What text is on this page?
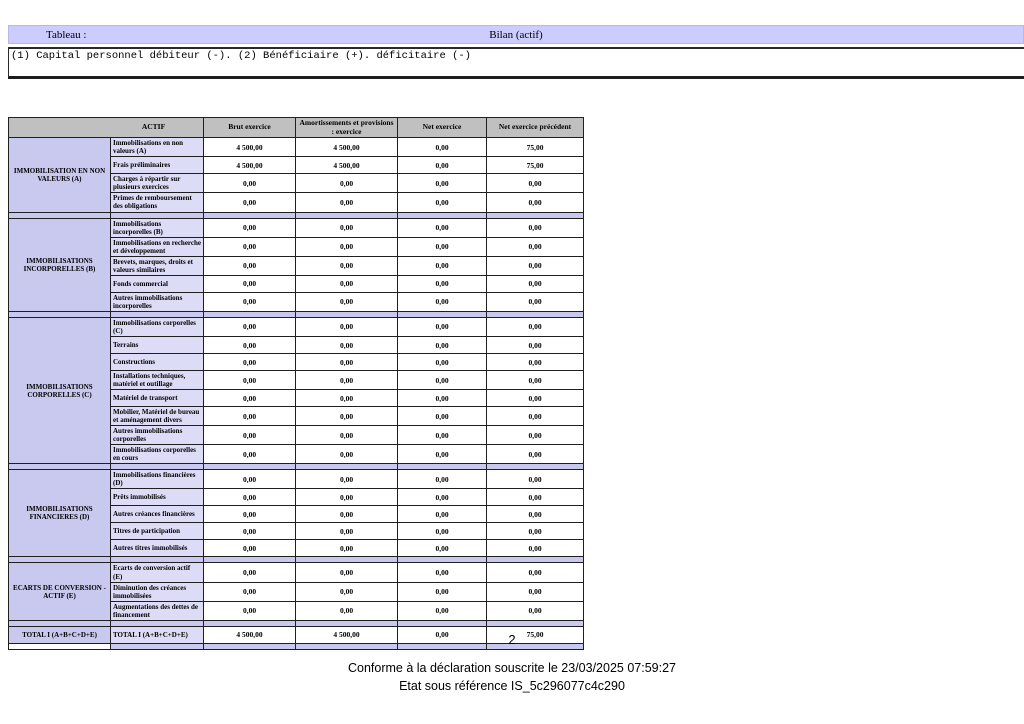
Tableau :	Bilan (actif)
(1) Capital personnel débiteur (-). (2) Bénéficiaire (+). déficitaire (-)
ACTIF		Brut exercice	Amortissements et provisions : exercice	Net exercice	Net exercice précédent
IMMOBILISATION EN NON VALEURS (A)	Immobilisations en non valeurs (A)	4 500,00	4 500,00	0,00	75,00
	Frais préliminaires	4 500,00	4 500,00	0,00	75,00
	Charges à répartir sur plusieurs exercices	0,00	0,00	0,00	0,00
	Primes de remboursement des obligations	0,00	0,00	0,00	0,00

IMMOBILISATIONS INCORPORELLES (B)	Immobilisations incorporelles (B)	0,00	0,00	0,00	0,00
	Immobilisations en recherche et développement	0,00	0,00	0,00	0,00
	Brevets, marques, droits et valeurs similaires	0,00	0,00	0,00	0,00
	Fonds commercial	0,00	0,00	0,00	0,00
	Autres immobilisations incorporelles	0,00	0,00	0,00	0,00

IMMOBILISATIONS CORPORELLES (C)	Immobilisations corporelles (C)	0,00	0,00	0,00	0,00
	Terrains	0,00	0,00	0,00	0,00
	Constructions	0,00	0,00	0,00	0,00
	Installations techniques, matériel et outillage	0,00	0,00	0,00	0,00
	Matériel de transport	0,00	0,00	0,00	0,00
	Mobilier, Matériel de bureau et aménagement divers	0,00	0,00	0,00	0,00
	Autres immobilisations corporelles	0,00	0,00	0,00	0,00
	Immobilisations corporelles en cours	0,00	0,00	0,00	0,00

IMMOBILISATIONS FINANCIERES (D)	Immobilisations financières (D)	0,00	0,00	0,00	0,00
	Prêts immobilisés	0,00	0,00	0,00	0,00
	Autres créances financières	0,00	0,00	0,00	0,00
	Titres de participation	0,00	0,00	0,00	0,00
	Autres titres immobilisés	0,00	0,00	0,00	0,00

ECARTS DE CONVERSION - ACTIF (E)	Ecarts de conversion actif (E)	0,00	0,00	0,00	0,00
	Diminution des créances immobilisées	0,00	0,00	0,00	0,00
	Augmentations des dettes de financement	0,00	0,00	0,00	0,00

TOTAL I (A+B+C+D+E)	TOTAL I (A+B+C+D+E)	4 500,00	4 500,00	0,00	75,00

2
Conforme à la déclaration souscrite le 23/03/2025 07:59:27
Etat sous référence IS_5c296077c4c290
